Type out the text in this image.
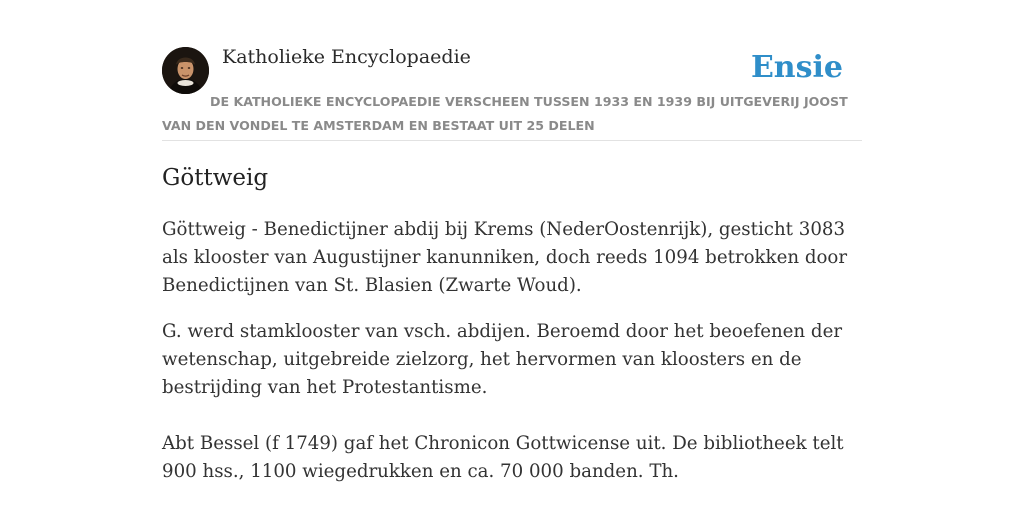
Katholieke Encyclopaedie	Ensie
DE KATHOLIEKE ENCYCLOPAEDIE VERSCHEEN TUSSEN 1933 EN 1939 BIJ UITGEVERIJ JOOST VAN DEN VONDEL TE AMSTERDAM EN BESTAAT UIT 25 DELEN
Göttweig

Göttweig - Benedictijner abdij bij Krems (NederOostenrijk), gesticht 3083 als klooster van Augustijner kanunniken, doch reeds 1094 betrokken door Benedictijnen van St. Blasien (Zwarte Woud).

G. werd stamklooster van vsch. abdijen. Beroemd door het beoefenen der wetenschap, uitgebreide zielzorg, het hervormen van kloosters en de bestrijding van het Protestantisme.

Abt Bessel (f 1749) gaf het Chronicon Gottwicense uit. De bibliotheek telt 900 hss., 1100 wiegedrukken en ca. 70 000 banden. Th.
